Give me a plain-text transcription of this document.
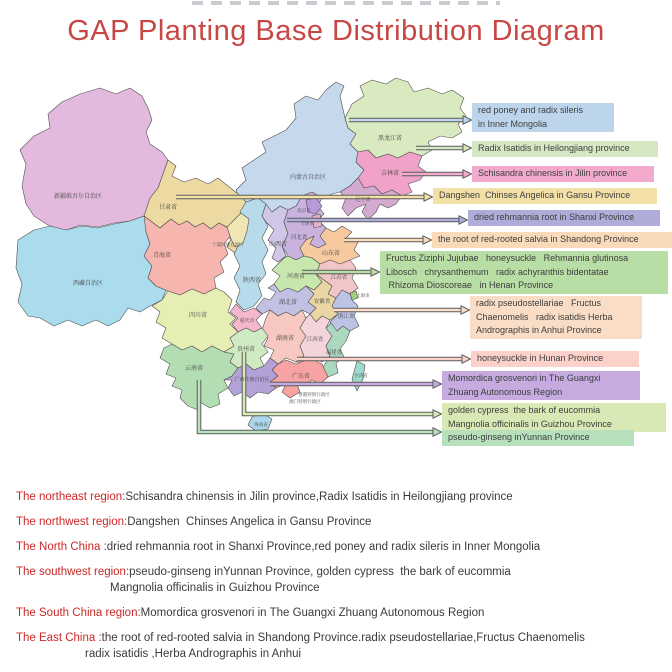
GAP Planting Base Distribution Diagram
新疆维吾尔自治区
西藏自治区
内蒙古自治区
黑龙江省
甘肃省
青海省
吉林省
辽宁省
陕西省
山西省
河北省
山东省
河南省	江苏省
安徽省
湖北省
四川省
重庆市
浙江省
湖南省 江西省
福建省
云南省
贵州省
广西壮族自治区	广东省
宁夏回族自治区
北京市
天津市
上海市
海南省
台湾省
香港特别行政区
澳门特别行政区
red poney and radix sileris
in Inner Mongolia
Radix Isatidis in Heilongjiang province
Schisandra chinensis in Jilin province
Dangshen  Chinses Angelica in Gansu Province
dried rehmannia root in Shanxi Province
the root of red-rooted salvia in Shandong Province
Fructus Ziziphi Jujubae   honeysuckle   Rehmannia glutinosa
Libosch   chrysanthemum   radix achyranthis bidentatae
Rhizoma Dioscoreae   in Henan Province
radix pseudostellariae   Fructus
Chaenomelis   radix isatidis Herba
Andrographis in Anhui Province
honeysuckle in Hunan Province
Momordica grosvenori in The Guangxi
Zhuang Autonomous Region
golden cypress  the bark of eucommia
Mangnolia officinalis in Guizhou Province
pseudo-ginseng inYunnan Province
The northeast region:Schisandra chinensis in Jilin province,Radix Isatidis in Heilongjiang province
The northwest region:Dangshen  Chinses Angelica in Gansu Province
The North China :dried rehmannia root in Shanxi Province,red poney and radix sileris in Inner Mongolia
The southwest region:pseudo-ginseng inYunnan Province, golden cypress  the bark of eucommia
Mangnolia officinalis in Guizhou Province
The South China region:Momordica grosvenori in The Guangxi Zhuang Autonomous Region
The East China :the root of red-rooted salvia in Shandong Province.radix pseudostellariae,Fructus Chaenomelis
radix isatidis ,Herba Andrographis in Anhui
